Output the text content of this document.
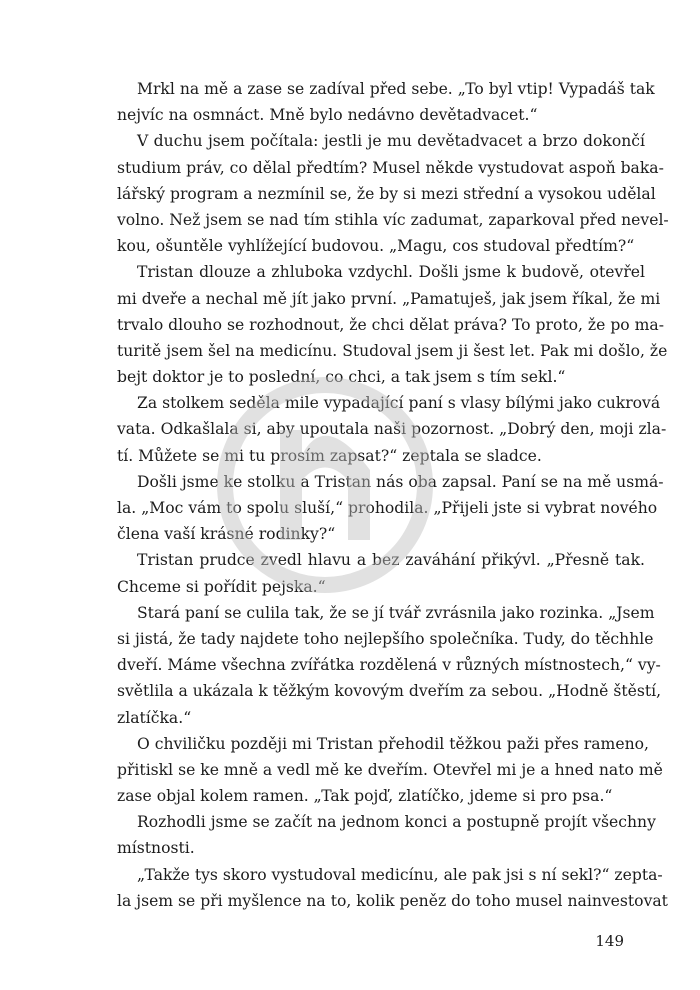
Mrkl na mě a zase se zadíval před sebe. „To byl vtip! Vypadáš tak
nejvíc na osmnáct. Mně bylo nedávno devětadvacet.“
V duchu jsem počítala: jestli je mu devětadvacet a brzo dokončí
studium práv, co dělal předtím? Musel někde vystudovat aspoň baka-
lářský program a nezmínil se, že by si mezi střední a vysokou udělal
volno. Než jsem se nad tím stihla víc zadumat, zaparkoval před nevel-
kou, ošuntěle vyhlížející budovou. „Magu, cos studoval předtím?“
Tristan dlouze a zhluboka vzdychl. Došli jsme k budově, otevřel
mi dveře a nechal mě jít jako první. „Pamatuješ, jak jsem říkal, že mi
trvalo dlouho se rozhodnout, že chci dělat práva? To proto, že po ma-
turitě jsem šel na medicínu. Studoval jsem ji šest let. Pak mi došlo, že
bejt doktor je to poslední, co chci, a tak jsem s tím sekl.“
Za stolkem seděla mile vypadající paní s vlasy bílými jako cukrová
vata. Odkašlala si, aby upoutala naši pozornost. „Dobrý den, moji zla-
tí. Můžete se mi tu prosím zapsat?“ zeptala se sladce.
Došli jsme ke stolku a Tristan nás oba zapsal. Paní se na mě usmá-
la. „Moc vám to spolu sluší,“ prohodila. „Přijeli jste si vybrat nového
člena vaší krásné rodinky?“
Tristan prudce zvedl hlavu a bez zaváhání přikývl. „Přesně tak.
Chceme si pořídit pejska.“
Stará paní se culila tak, že se jí tvář zvrásnila jako rozinka. „Jsem
si jistá, že tady najdete toho nejlepšího společníka. Tudy, do těchhle
dveří. Máme všechna zvířátka rozdělená v různých místnostech,“ vy-
světlila a ukázala k těžkým kovovým dveřím za sebou. „Hodně štěstí,
zlatíčka.“
O chviličku později mi Tristan přehodil těžkou paži přes rameno,
přitiskl se ke mně a vedl mě ke dveřím. Otevřel mi je a hned nato mě
zase objal kolem ramen. „Tak pojď, zlatíčko, jdeme si pro psa.“
Rozhodli jsme se začít na jednom konci a postupně projít všechny
místnosti.
„Takže tys skoro vystudoval medicínu, ale pak jsi s ní sekl?“ zepta-
la jsem se při myšlence na to, kolik peněz do toho musel nainvestovat
149
